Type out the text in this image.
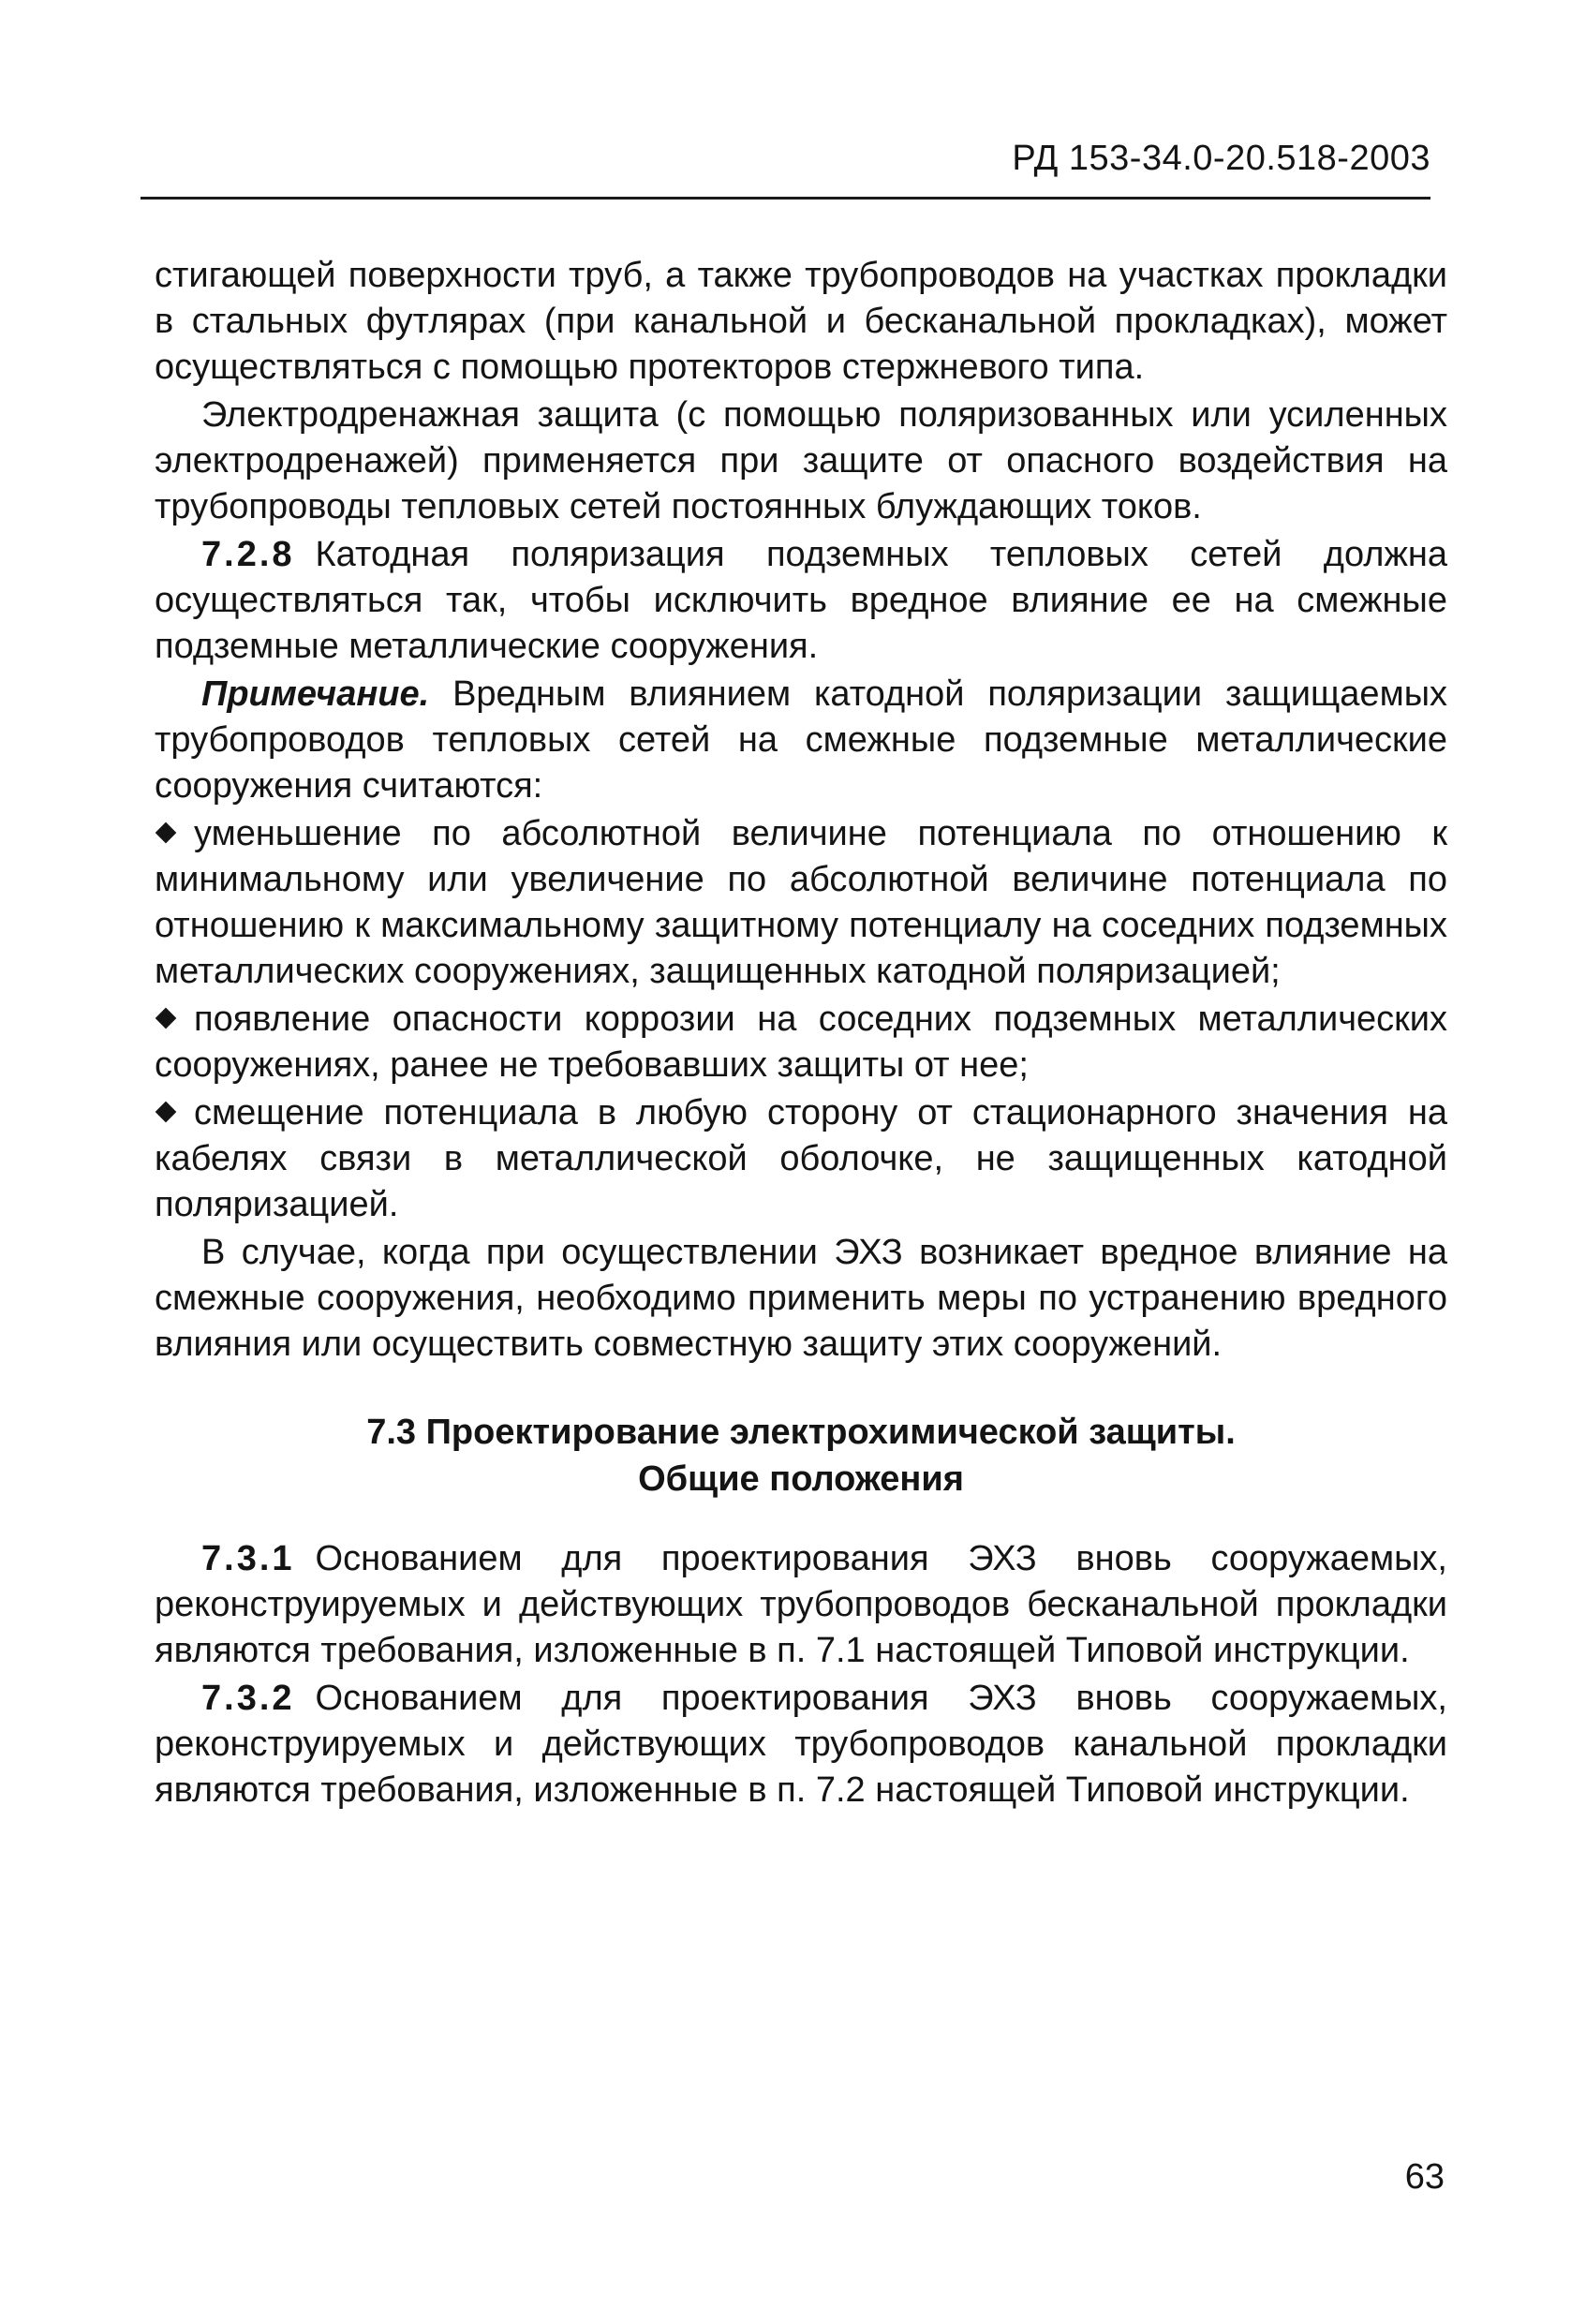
РД 153-34.0-20.518-2003

стигающей поверхности труб, а также трубопроводов на участках прокладки в стальных футлярах (при канальной и бесканальной прокладках), может осуществляться с помощью протекторов стержневого типа.

Электродренажная защита (с помощью поляризованных или усиленных электродренажей) применяется при защите от опасного воздействия на трубопроводы тепловых сетей постоянных блуждающих токов.

7.2.8 Катодная поляризация подземных тепловых сетей должна осуществляться так, чтобы исключить вредное влияние ее на смежные подземные металлические сооружения.

Примечание. Вредным влиянием катодной поляризации защищаемых трубопроводов тепловых сетей на смежные подземные металлические сооружения считаются:

уменьшение по абсолютной величине потенциала по отношению к минимальному или увеличение по абсолютной величине потенциала по отношению к максимальному защитному потенциалу на соседних подземных металлических сооружениях, защищенных катодной поляризацией;

появление опасности коррозии на соседних подземных металлических сооружениях, ранее не требовавших защиты от нее;

смещение потенциала в любую сторону от стационарного значения на кабелях связи в металлической оболочке, не защищенных катодной поляризацией.

В случае, когда при осуществлении ЭХЗ возникает вредное влияние на смежные сооружения, необходимо применить меры по устранению вредного влияния или осуществить совместную защиту этих сооружений.

7.3 Проектирование электрохимической защиты.
Общие положения

7.3.1 Основанием для проектирования ЭХЗ вновь сооружаемых, реконструируемых и действующих трубопроводов бесканальной прокладки являются требования, изложенные в п. 7.1 настоящей Типовой инструкции.

7.3.2 Основанием для проектирования ЭХЗ вновь сооружаемых, реконструируемых и действующих трубопроводов канальной прокладки являются требования, изложенные в п. 7.2 настоящей Типовой инструкции.

63
